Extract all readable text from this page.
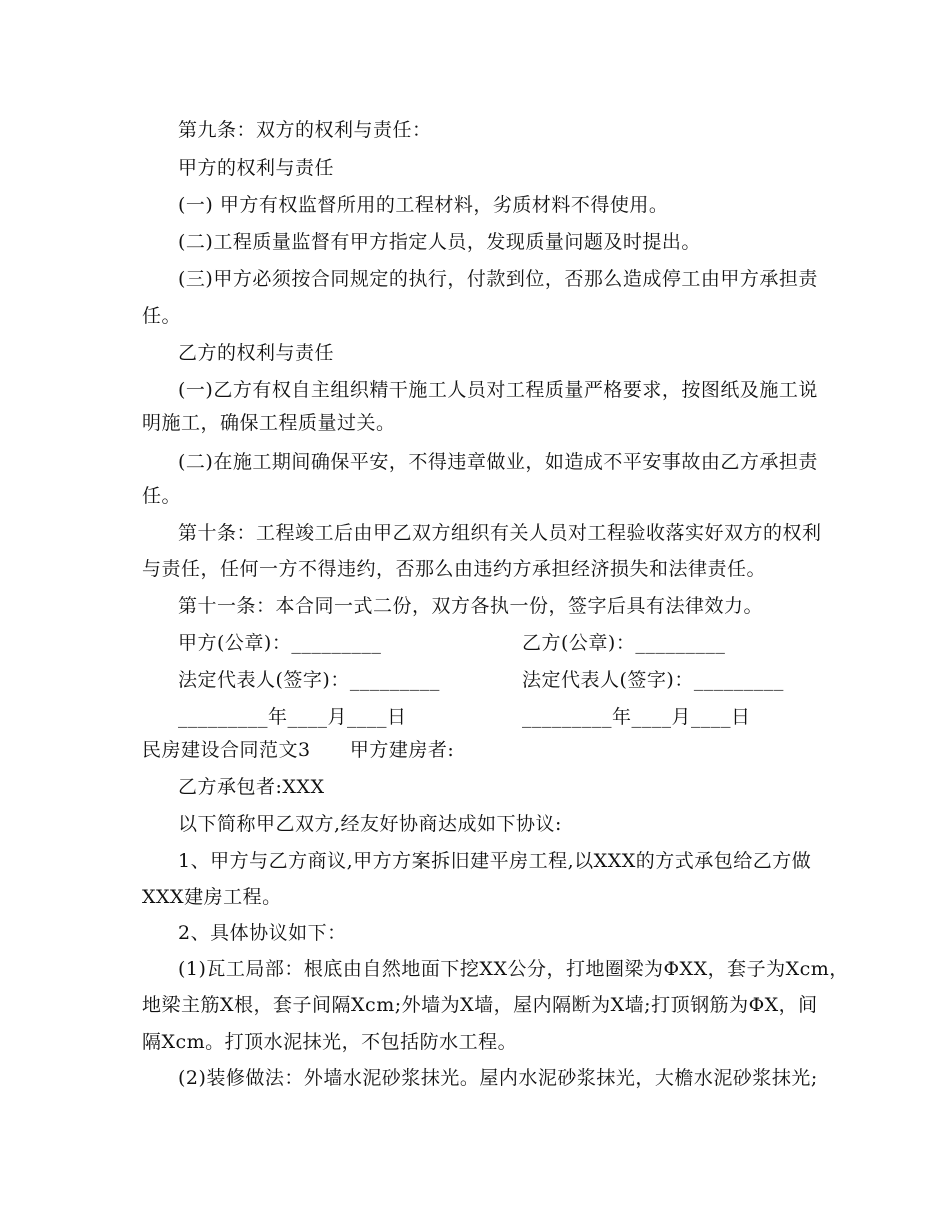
第九条：双方的权利与责任：
甲方的权利与责任
(一) 甲方有权监督所用的工程材料，劣质材料不得使用。
(二)工程质量监督有甲方指定人员，发现质量问题及时提出。
(三)甲方必须按合同规定的执行，付款到位，否那么造成停工由甲方承担责
任。
乙方的权利与责任
(一)乙方有权自主组织精干施工人员对工程质量严格要求，按图纸及施工说
明施工，确保工程质量过关。
(二)在施工期间确保平安，不得违章做业，如造成不平安事故由乙方承担责
任。
第十条：工程竣工后由甲乙双方组织有关人员对工程验收落实好双方的权利
与责任，任何一方不得违约，否那么由违约方承担经济损失和法律责任。
第十一条：本合同一式二份，双方各执一份，签字后具有法律效力。
甲方(公章)：_________	乙方(公章)：_________
法定代表人(签字)：_________	法定代表人(签字)：_________
_________年____月____日	_________年____月____日
民房建设合同范文3      甲方建房者:
乙方承包者:XXX
以下简称甲乙双方,经友好协商达成如下协议:
1、甲方与乙方商议,甲方方案拆旧建平房工程,以XXX的方式承包给乙方做
XXX建房工程。
2、具体协议如下：
(1)瓦工局部：根底由自然地面下挖XX公分，打地圈梁为ΦXX，套子为Xcm，
地梁主筋X根，套子间隔Xcm;外墙为X墙，屋内隔断为X墙;打顶钢筋为ΦX，间
隔Xcm。打顶水泥抹光，不包括防水工程。
(2)装修做法：外墙水泥砂浆抹光。屋内水泥砂浆抹光，大檐水泥砂浆抹光;
